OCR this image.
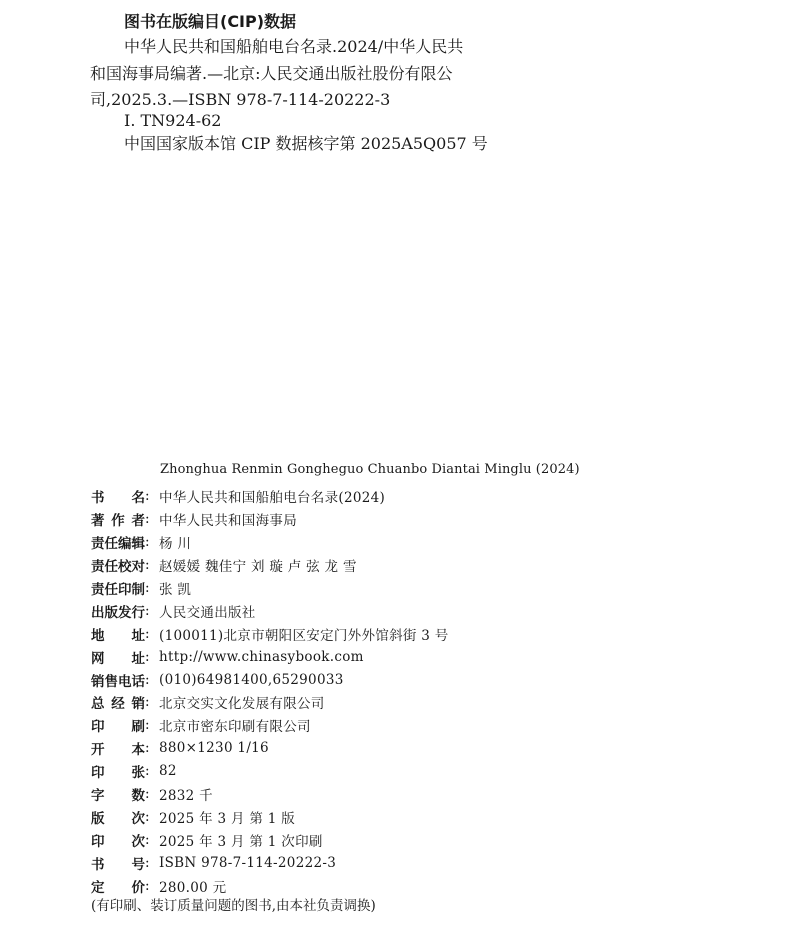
图书在版编目(CIP)数据
中华人民共和国船舶电台名录.2024/中华人民共
和国海事局编著.—北京:人民交通出版社股份有限公
司,2025.3.—ISBN 978-7-114-20222-3
Ⅰ. TN924-62
中国国家版本馆 CIP 数据核字第 2025A5Q057 号
Zhonghua Renmin Gongheguo Chuanbo Diantai Minglu (2024)
书 名 : 中华人民共和国船舶电台名录(2024)
著 作 者 : 中华人民共和国海事局
责 任 编 辑 : 杨 川
责 任 校 对 : 赵媛媛 魏佳宁 刘 璇 卢 弦 龙 雪
责 任 印 制 : 张 凯
出 版 发 行 : 人民交通出版社
地 址 : (100011)北京市朝阳区安定门外外馆斜街 3 号
网 址 : http://www.chinasybook.com
销 售 电 话 : (010)64981400,65290033
总 经 销 : 北京交实文化发展有限公司
印 刷 : 北京市密东印刷有限公司
开 本 : 880×1230 1/16
印 张 : 82
字 数 : 2832 千
版 次 : 2025 年 3 月 第 1 版
印 次 : 2025 年 3 月 第 1 次印刷
书 号 : ISBN 978-7-114-20222-3
定 价 : 280.00 元
(有印刷、装订质量问题的图书,由本社负责调换)
